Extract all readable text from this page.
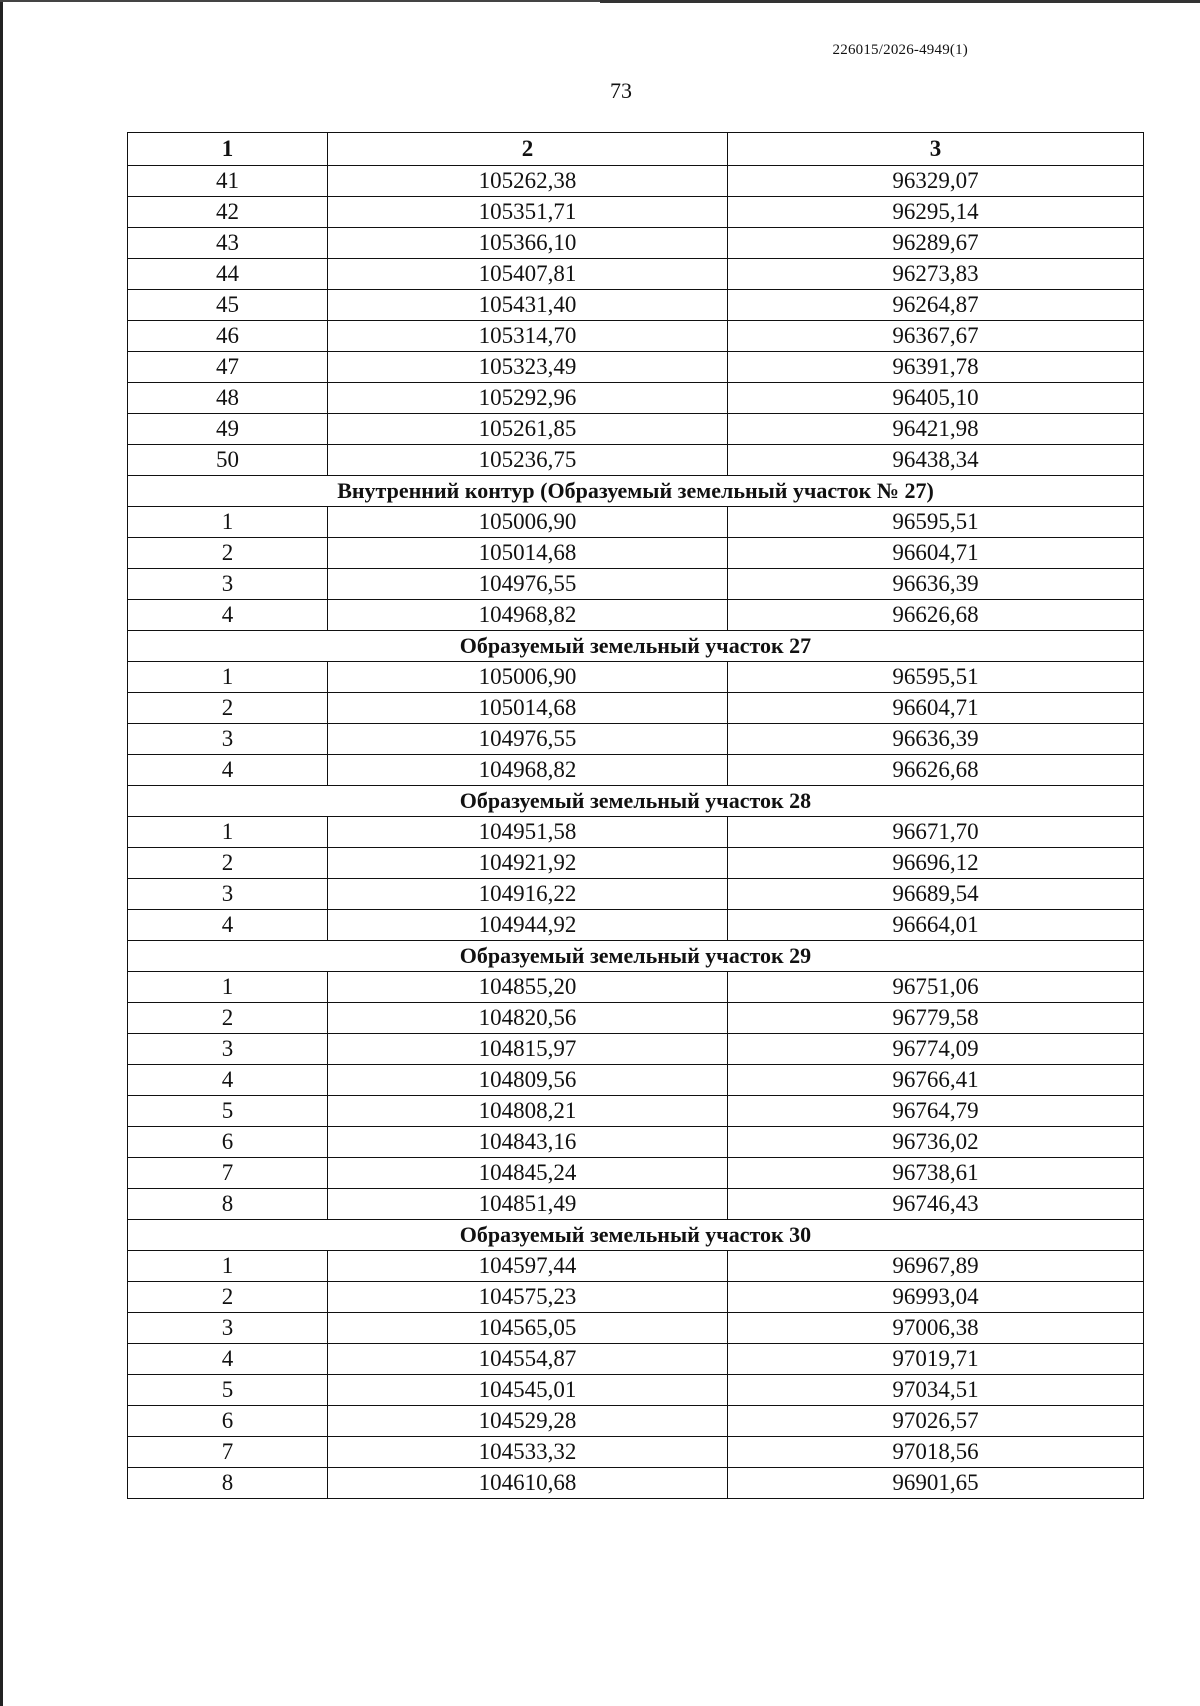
226015/2026-4949(1)
73
1	2	3
41	105262,38	96329,07
42	105351,71	96295,14
43	105366,10	96289,67
44	105407,81	96273,83
45	105431,40	96264,87
46	105314,70	96367,67
47	105323,49	96391,78
48	105292,96	96405,10
49	105261,85	96421,98
50	105236,75	96438,34
Внутренний контур (Образуемый земельный участок № 27)		
1	105006,90	96595,51
2	105014,68	96604,71
3	104976,55	96636,39
4	104968,82	96626,68
Образуемый земельный участок 27		
1	105006,90	96595,51
2	105014,68	96604,71
3	104976,55	96636,39
4	104968,82	96626,68
Образуемый земельный участок 28		
1	104951,58	96671,70
2	104921,92	96696,12
3	104916,22	96689,54
4	104944,92	96664,01
Образуемый земельный участок 29		
1	104855,20	96751,06
2	104820,56	96779,58
3	104815,97	96774,09
4	104809,56	96766,41
5	104808,21	96764,79
6	104843,16	96736,02
7	104845,24	96738,61
8	104851,49	96746,43
Образуемый земельный участок 30		
1	104597,44	96967,89
2	104575,23	96993,04
3	104565,05	97006,38
4	104554,87	97019,71
5	104545,01	97034,51
6	104529,28	97026,57
7	104533,32	97018,56
8	104610,68	96901,65
